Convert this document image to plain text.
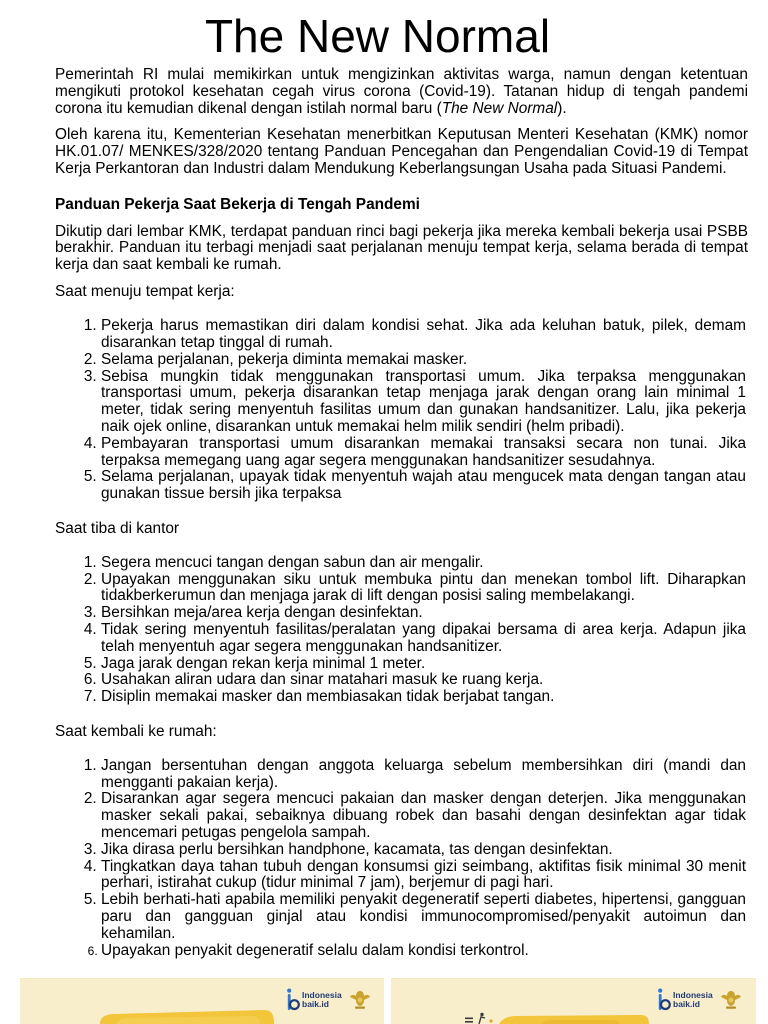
The New Normal

Pemerintah RI mulai memikirkan untuk mengizinkan aktivitas warga, namun dengan ketentuan mengikuti protokol kesehatan cegah virus corona (Covid-19). Tatanan hidup di tengah pandemi corona itu kemudian dikenal dengan istilah normal baru (The New Normal).

Oleh karena itu, Kementerian Kesehatan menerbitkan Keputusan Menteri Kesehatan (KMK) nomor HK.01.07/ MENKES/328/2020 tentang Panduan Pencegahan dan Pengendalian Covid-19 di Tempat Kerja Perkantoran dan Industri dalam Mendukung Keberlangsungan Usaha pada Situasi Pandemi.

Panduan Pekerja Saat Bekerja di Tengah Pandemi

Dikutip dari lembar KMK, terdapat panduan rinci bagi pekerja jika mereka kembali bekerja usai PSBB berakhir. Panduan itu terbagi menjadi saat perjalanan menuju tempat kerja, selama berada di tempat kerja dan saat kembali ke rumah.

Saat menuju tempat kerja:

1. Pekerja harus memastikan diri dalam kondisi sehat. Jika ada keluhan batuk, pilek, demam disarankan tetap tinggal di rumah.
2. Selama perjalanan, pekerja diminta memakai masker.
3. Sebisa mungkin tidak menggunakan transportasi umum. Jika terpaksa menggunakan transportasi umum, pekerja disarankan tetap menjaga jarak dengan orang lain minimal 1 meter, tidak sering menyentuh fasilitas umum dan gunakan handsanitizer. Lalu, jika pekerja naik ojek online, disarankan untuk memakai helm milik sendiri (helm pribadi).
4. Pembayaran transportasi umum disarankan memakai transaksi secara non tunai. Jika terpaksa memegang uang agar segera menggunakan handsanitizer sesudahnya.
5. Selama perjalanan, upayak tidak menyentuh wajah atau mengucek mata dengan tangan atau gunakan tissue bersih jika terpaksa

Saat tiba di kantor

1. Segera mencuci tangan dengan sabun dan air mengalir.
2. Upayakan menggunakan siku untuk membuka pintu dan menekan tombol lift. Diharapkan tidakberkerumun dan menjaga jarak di lift dengan posisi saling membelakangi.
3. Bersihkan meja/area kerja dengan desinfektan.
4. Tidak sering menyentuh fasilitas/peralatan yang dipakai bersama di area kerja. Adapun jika telah menyentuh agar segera menggunakan handsanitizer.
5. Jaga jarak dengan rekan kerja minimal 1 meter.
6. Usahakan aliran udara dan sinar matahari masuk ke ruang kerja.
7. Disiplin memakai masker dan membiasakan tidak berjabat tangan.

Saat kembali ke rumah:

1. Jangan bersentuhan dengan anggota keluarga sebelum membersihkan diri (mandi dan mengganti pakaian kerja).
2. Disarankan agar segera mencuci pakaian dan masker dengan deterjen. Jika menggunakan masker sekali pakai, sebaiknya dibuang robek dan basahi dengan desinfektan agar tidak mencemari petugas pengelola sampah.
3. Jika dirasa perlu bersihkan handphone, kacamata, tas dengan desinfektan.
4. Tingkatkan daya tahan tubuh dengan konsumsi gizi seimbang, aktifitas fisik minimal 30 menit perhari, istirahat cukup (tidur minimal 7 jam), berjemur di pagi hari.
5. Lebih berhati-hati apabila memiliki penyakit degeneratif seperti diabetes, hipertensi, gangguan paru dan gangguan ginjal atau kondisi immunocompromised/penyakit autoimun dan kehamilan.
6. Upayakan penyakit degeneratif selalu dalam kondisi terkontrol.
Indonesia
baik.id
Indonesia
baik.id
